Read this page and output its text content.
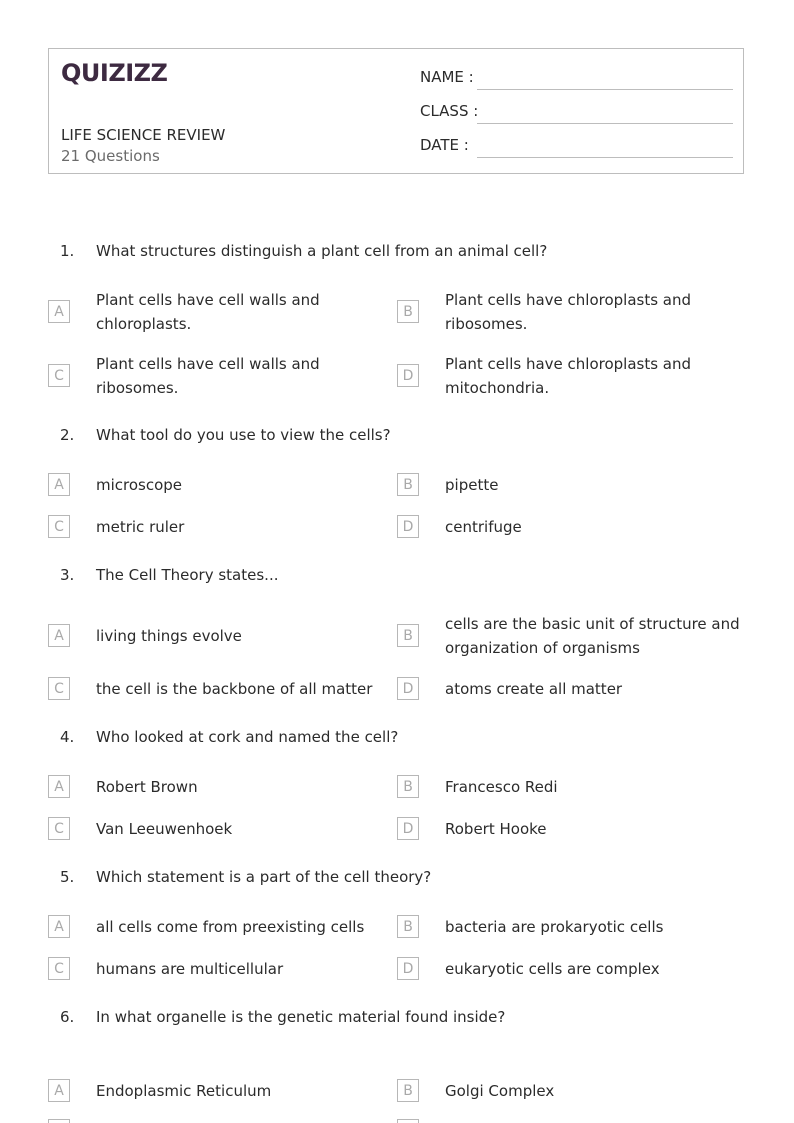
QUIZIZZ
LIFE SCIENCE REVIEW
21 Questions
NAME :
CLASS :
DATE :
1. What structures distinguish a plant cell from an animal cell?
A
Plant cells have cell walls and chloroplasts.
B
Plant cells have chloroplasts and ribosomes.
C
Plant cells have cell walls and ribosomes.
D
Plant cells have chloroplasts and mitochondria.
2. What tool do you use to view the cells?
A	microscope	B	pipette
C	metric ruler	D	centrifuge
3. The Cell Theory states...
A	living things evolve	B
cells are the basic unit of structure and organization of organisms
C	the cell is the backbone of all matter	D	atoms create all matter
4. Who looked at cork and named the cell?
A	Robert Brown	B	Francesco Redi
C	Van Leeuwenhoek	D	Robert Hooke
5. Which statement is a part of the cell theory?
A	all cells come from preexisting cells	B	bacteria are prokaryotic cells
C	humans are multicellular	D	eukaryotic cells are complex
6. In what organelle is the genetic material found inside?
A	Endoplasmic Reticulum	B	Golgi Complex
